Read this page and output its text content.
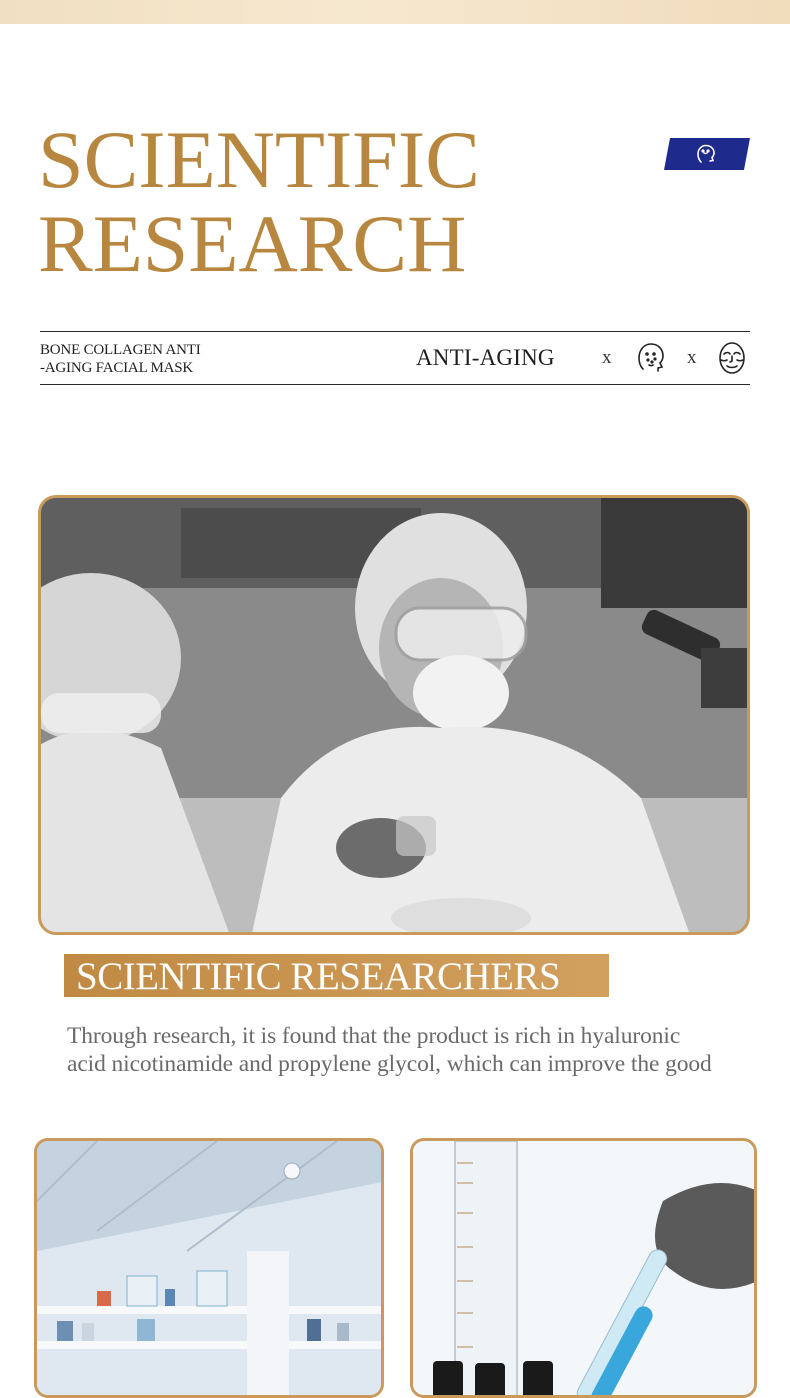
SCIENTIFIC
RESEARCH
BONE COLLAGEN ANTI
-AGING FACIAL MASK	ANTI-AGING x	x
SCIENTIFIC RESEARCHERS
Through research, it is found that the product is rich in hyaluronic
acid nicotinamide and propylene glycol, which can improve the good
